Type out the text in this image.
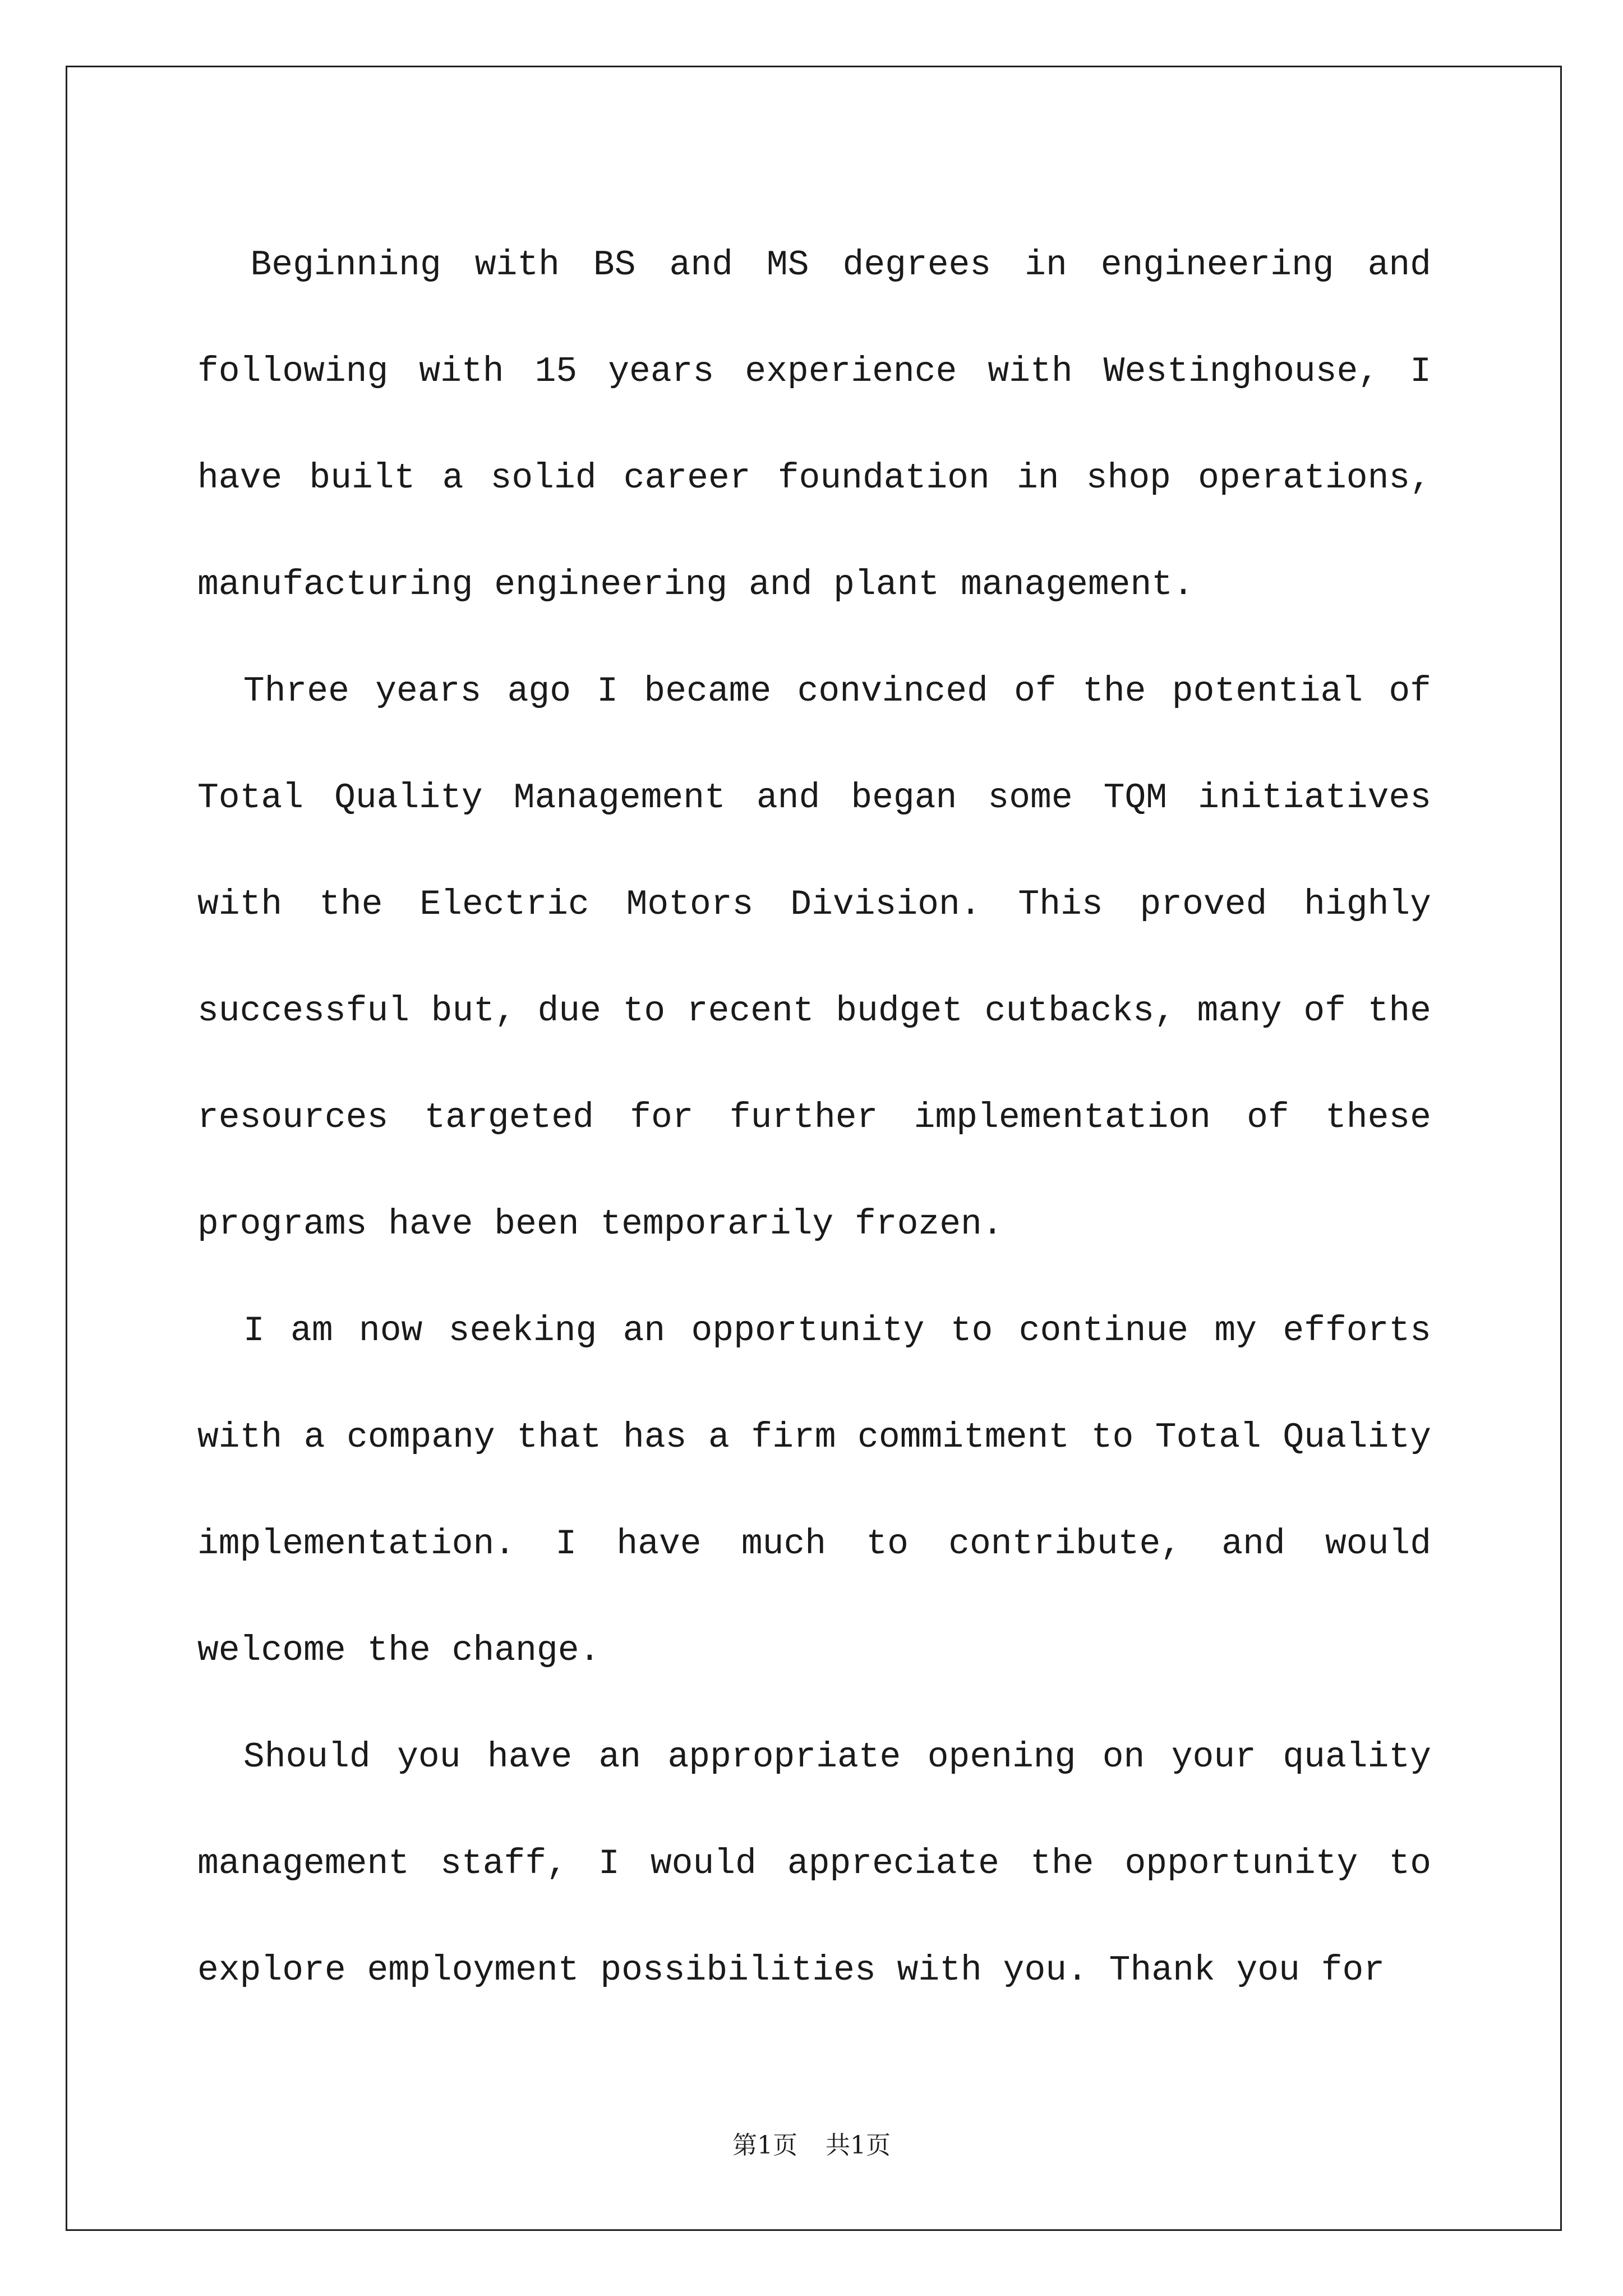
Beginning with BS and MS degrees in engineering and following with 15 years experience with Westinghouse, I have built a solid career foundation in shop operations, manufacturing engineering and plant management.

Three years ago I became convinced of the potential of Total Quality Management and began some TQM initiatives with the Electric Motors Division. This proved highly successful but, due to recent budget cutbacks, many of the resources targeted for further implementation of these programs have been temporarily frozen.

I am now seeking an opportunity to continue my efforts with a company that has a firm commitment to Total Quality implementation. I have much to contribute, and would welcome the change.

Should you have an appropriate opening on your quality management staff, I would appreciate the opportunity to explore employment possibilities with you. Thank you for

第1页 共1页
